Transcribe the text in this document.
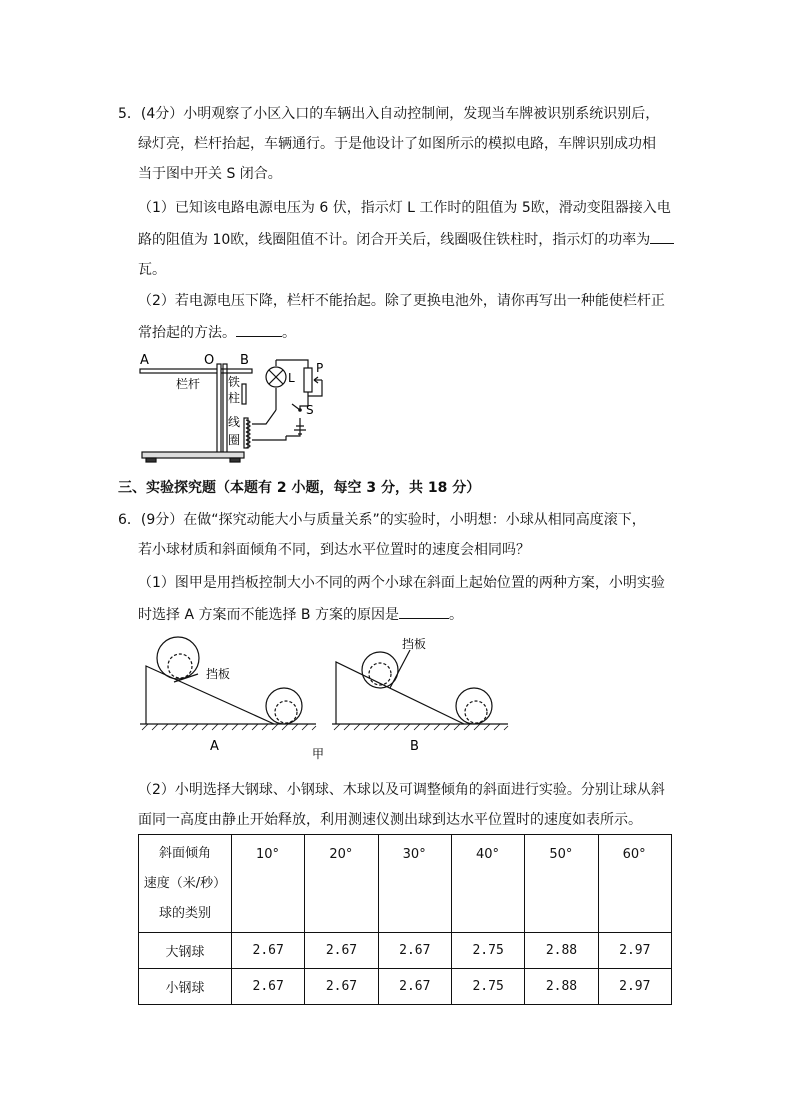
5．(4分）小明观察了小区入口的车辆出入自动控制闸，发现当车牌被识别系统识别后，
绿灯亮，栏杆抬起，车辆通行。于是他设计了如图所示的模拟电路，车牌识别成功相
当于图中开关 S 闭合。
（1）已知该电路电源电压为 6 伏，指示灯 L 工作时的阻值为 5欧，滑动变阻器接入电
路的阻值为 10欧，线圈阻值不计。闭合开关后，线圈吸住铁柱时，指示灯的功率为
瓦。
（2）若电源电压下降，栏杆不能抬起。除了更换电池外，请你再写出一种能使栏杆正
常抬起的方法。	。
A	O B
栏杆 铁
柱
线
圈
L
P
S
三、实验探究题（本题有 2 小题，每空 3 分，共 18 分）
6．(9分）在做“探究动能大小与质量关系”的实验时，小明想：小球从相同高度滚下，
若小球材质和斜面倾角不同，到达水平位置时的速度会相同吗？
（1）图甲是用挡板控制大小不同的两个小球在斜面上起始位置的两种方案，小明实验
时选择 A 方案而不能选择 B 方案的原因是	。
挡板
挡板
A	B
甲
（2）小明选择大钢球、小钢球、木球以及可调整倾角的斜面进行实验。分别让球从斜
面同一高度由静止开始释放，利用测速仪测出球到达水平位置时的速度如表所示。
斜面倾角
速度（米/秒）
球的类别	10°	20°	30°	40°	50°	60°
大钢球	2.67	2.67	2.67	2.75	2.88	2.97
小钢球	2.67	2.67	2.67	2.75	2.88	2.97
